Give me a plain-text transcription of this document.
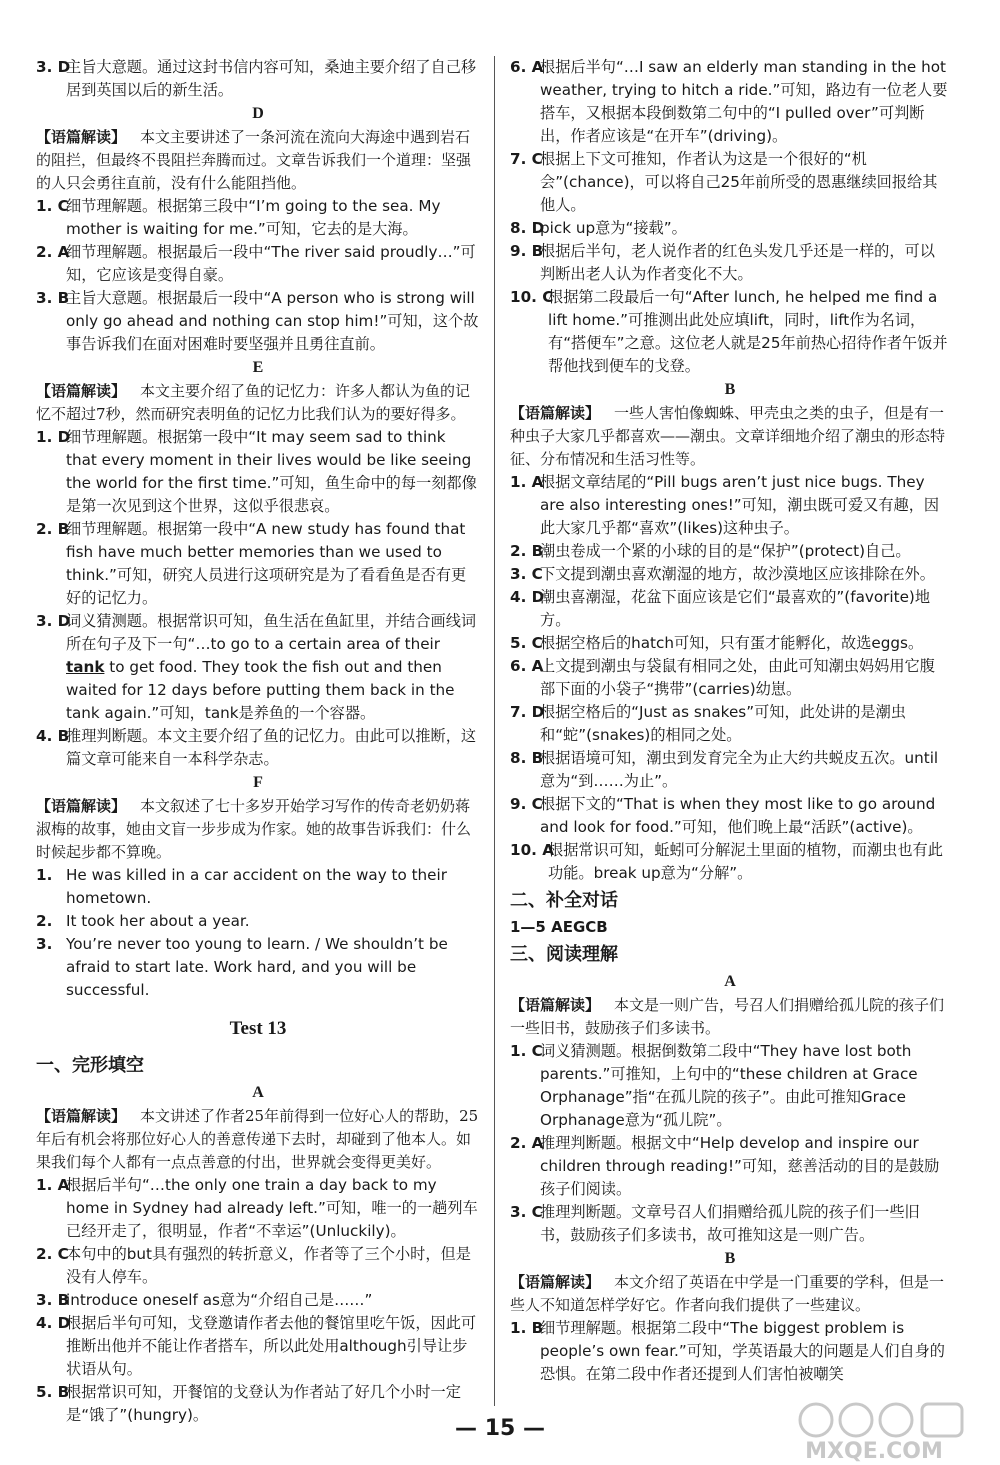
3. D
主旨大意题。通过这封书信内容可知，桑迪主要介绍了自己移居到英国以后的新生活。

D

【语篇解读】 本文主要讲述了一条河流在流向大海途中遇到岩石的阻拦，但最终不畏阻拦奔腾而过。文章告诉我们一个道理：坚强的人只会勇往直前，没有什么能阻挡他。
1. C
细节理解题。根据第三段中“I’m going to the sea. My mother is waiting for me.”可知，它去的是大海。
2. A
细节理解题。根据最后一段中“The river said proudly…”可知，它应该是变得自豪。
3. B
主旨大意题。根据最后一段中“A person who is strong will only go ahead and nothing can stop him!”可知，这个故事告诉我们在面对困难时要坚强并且勇往直前。

E

【语篇解读】 本文主要介绍了鱼的记忆力：许多人都认为鱼的记忆不超过7秒，然而研究表明鱼的记忆力比我们认为的要好得多。
1. D
细节理解题。根据第一段中“It may seem sad to think that every moment in their lives would be like seeing the world for the first time.”可知，鱼生命中的每一刻都像是第一次见到这个世界，这似乎很悲哀。
2. B
细节理解题。根据第一段中“A new study has found that fish have much better memories than we used to think.”可知，研究人员进行这项研究是为了看看鱼是否有更好的记忆力。
3. D
词义猜测题。根据常识可知，鱼生活在鱼缸里，并结合画线词所在句子及下一句“…to go to a certain area of their tank to get food. They took the fish out and then waited for 12 days before putting them back in the tank again.”可知，tank是养鱼的一个容器。
4. B
推理判断题。本文主要介绍了鱼的记忆力。由此可以推断，这篇文章可能来自一本科学杂志。

F

【语篇解读】 本文叙述了七十多岁开始学习写作的传奇老奶奶蒋淑梅的故事，她由文盲一步步成为作家。她的故事告诉我们：什么时候起步都不算晚。
1. He was killed in a car accident on the way to their hometown.
2. It took her about a year.
3. You’re never too young to learn. / We shouldn’t be afraid to start late. Work hard, and you will be successful.
Test 13
一、完形填空

A

【语篇解读】 本文讲述了作者25年前得到一位好心人的帮助，25年后有机会将那位好心人的善意传递下去时，却碰到了他本人。如果我们每个人都有一点点善意的付出，世界就会变得更美好。
1. A
根据后半句“…the only one train a day back to my home in Sydney had already left.”可知，唯一的一趟列车已经开走了，很明显，作者“不幸运”(Unluckily)。
2. C
本句中的but具有强烈的转折意义，作者等了三个小时，但是没有人停车。
3. B
introduce oneself as意为“介绍自己是……”
4. D
根据后半句可知，戈登邀请作者去他的餐馆里吃午饭，因此可推断出他并不能让作者搭车，所以此处用although引导让步状语从句。
5. B
根据常识可知，开餐馆的戈登认为作者站了好几个小时一定是“饿了”(hungry)。
6. A
根据后半句“…I saw an elderly man standing in the hot weather, trying to hitch a ride.”可知，路边有一位老人要搭车，又根据本段倒数第二句中的“I pulled over”可判断出，作者应该是“在开车”(driving)。
7. C
根据上下文可推知，作者认为这是一个很好的“机会”(chance)，可以将自己25年前所受的恩惠继续回报给其他人。
8. D
pick up意为“接载”。
9. B
根据后半句，老人说作者的红色头发几乎还是一样的，可以判断出老人认为作者变化不大。
10. C
根据第二段最后一句“After lunch, he helped me find a lift home.”可推测出此处应填lift，同时，lift作为名词，有“搭便车”之意。这位老人就是25年前热心招待作者午饭并帮他找到便车的戈登。

B

【语篇解读】 一些人害怕像蜘蛛、甲壳虫之类的虫子，但是有一种虫子大家几乎都喜欢——潮虫。文章详细地介绍了潮虫的形态特征、分布情况和生活习性等。
1. A
根据文章结尾的“Pill bugs aren’t just nice bugs. They are also interesting ones!”可知，潮虫既可爱又有趣，因此大家几乎都“喜欢”(likes)这种虫子。
2. B
潮虫卷成一个紧的小球的目的是“保护”(protect)自己。
3. C
下文提到潮虫喜欢潮湿的地方，故沙漠地区应该排除在外。
4. D
潮虫喜潮湿，花盆下面应该是它们“最喜欢的”(favorite)地方。
5. C
根据空格后的hatch可知，只有蛋才能孵化，故选eggs。
6. A
上文提到潮虫与袋鼠有相同之处，由此可知潮虫妈妈用它腹部下面的小袋子“携带”(carries)幼崽。
7. D
根据空格后的“Just as snakes”可知，此处讲的是潮虫和“蛇”(snakes)的相同之处。
8. B
根据语境可知，潮虫到发育完全为止大约共蜕皮五次。until意为“到……为止”。
9. C
根据下文的“That is when they most like to go around and look for food.”可知，他们晚上最“活跃”(active)。
10. A
根据常识可知，蚯蚓可分解泥土里面的植物，而潮虫也有此功能。break up意为“分解”。
二、补全对话
1—5 AEGCB
三、阅读理解

A

【语篇解读】 本文是一则广告，号召人们捐赠给孤儿院的孩子们一些旧书，鼓励孩子们多读书。
1. C
词义猜测题。根据倒数第二段中“They have lost both parents.”可推知，上句中的“these children at Grace Orphanage”指“在孤儿院的孩子”。由此可推知Grace Orphanage意为“孤儿院”。
2. A
推理判断题。根据文中“Help develop and inspire our children through reading!”可知，慈善活动的目的是鼓励孩子们阅读。
3. C
推理判断题。文章号召人们捐赠给孤儿院的孩子们一些旧书，鼓励孩子们多读书，故可推知这是一则广告。

B

【语篇解读】 本文介绍了英语在中学是一门重要的学科，但是一些人不知道怎样学好它。作者向我们提供了一些建议。
1. B
细节理解题。根据第二段中“The biggest problem is people’s own fear.”可知，学英语最大的问题是人们自身的恐惧。在第二段中作者还提到人们害怕被嘲笑
— 15 —
MXQE.COM
